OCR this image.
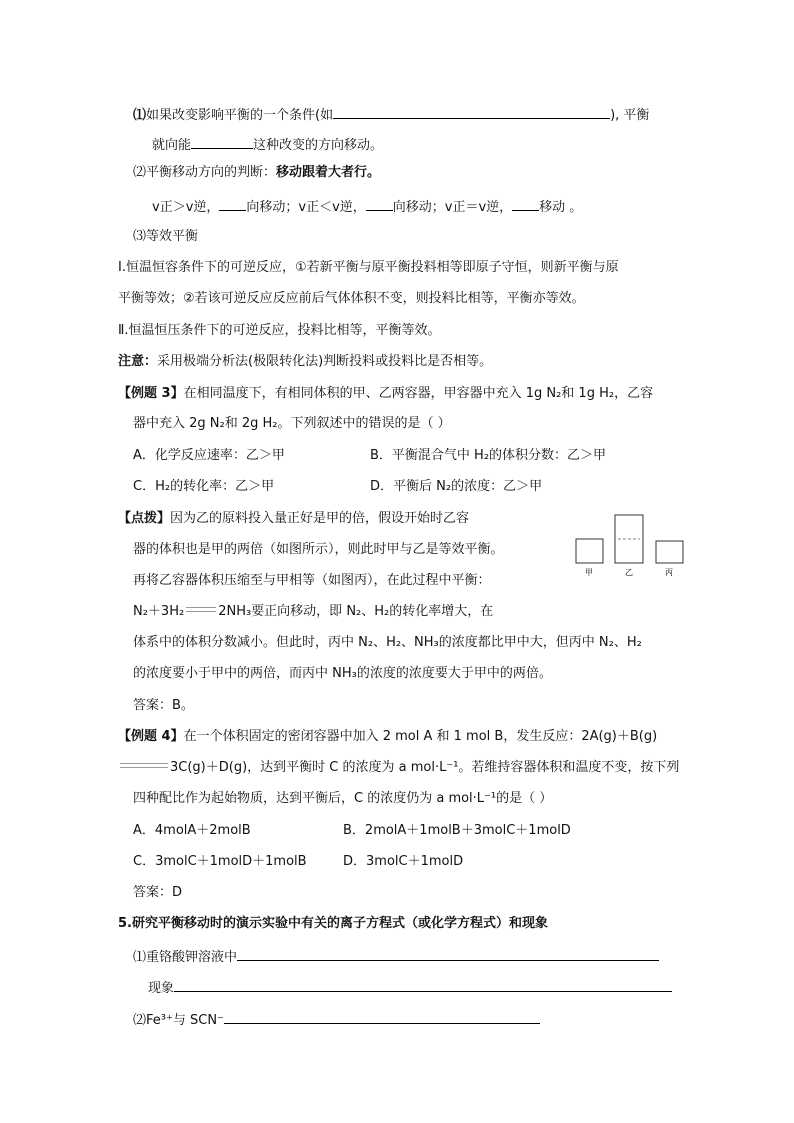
⑴如果改变影响平衡的一个条件(如	), 平衡
就向能	这种改变的方向移动。
⑵平衡移动方向的判断：移动跟着大者行。
v正＞v逆， 向移动；v正＜v逆， 向移动；v正＝v逆， 移动 。
⑶等效平衡
Ⅰ.恒温恒容条件下的可逆反应，①若新平衡与原平衡投料相等即原子守恒，则新平衡与原
平衡等效；②若该可逆反应反应前后气体体积不变，则投料比相等，平衡亦等效。
Ⅱ.恒温恒压条件下的可逆反应，投料比相等，平衡等效。
注意：采用极端分析法(极限转化法)判断投料或投料比是否相等。
【例题 3】在相同温度下，有相同体积的甲、乙两容器，甲容器中充入 1g N₂和 1g H₂，乙容
器中充入 2g N₂和 2g H₂。下列叙述中的错误的是（ ）
A．化学反应速率：乙＞甲	B．平衡混合气中 H₂的体积分数：乙＞甲
C．H₂的转化率：乙＞甲	D．平衡后 N₂的浓度：乙＞甲
【点拨】因为乙的原料投入量正好是甲的倍，假设开始时乙容
器的体积也是甲的两倍（如图所示），则此时甲与乙是等效平衡。
再将乙容器体积压缩至与甲相等（如图丙），在此过程中平衡：
N₂＋3H₂	2NH₃要正向移动，即 N₂、H₂的转化率增大，在
体系中的体积分数减小。但此时，丙中 N₂、H₂、NH₃的浓度都比甲中大，但丙中 N₂、H₂
的浓度要小于甲中的两倍，而丙中 NH₃的浓度的浓度要大于甲中的两倍。
答案：B。
甲	乙	丙
【例题 4】在一个体积固定的密闭容器中加入 2 mol A 和 1 mol B，发生反应：2A(g)＋B(g)
3C(g)＋D(g)，达到平衡时 C 的浓度为 a mol·L⁻¹。若维持容器体积和温度不变，按下列
四种配比作为起始物质，达到平衡后，C 的浓度仍为 a mol·L⁻¹的是（ ）
A．4molA＋2molB	B．2molA＋1molB＋3molC＋1molD
C．3molC＋1molD＋1molB	D．3molC＋1molD
答案：D
5.研究平衡移动时的演示实验中有关的离子方程式（或化学方程式）和现象
⑴重铬酸钾溶液中
现象
⑵Fe³⁺与 SCN⁻
